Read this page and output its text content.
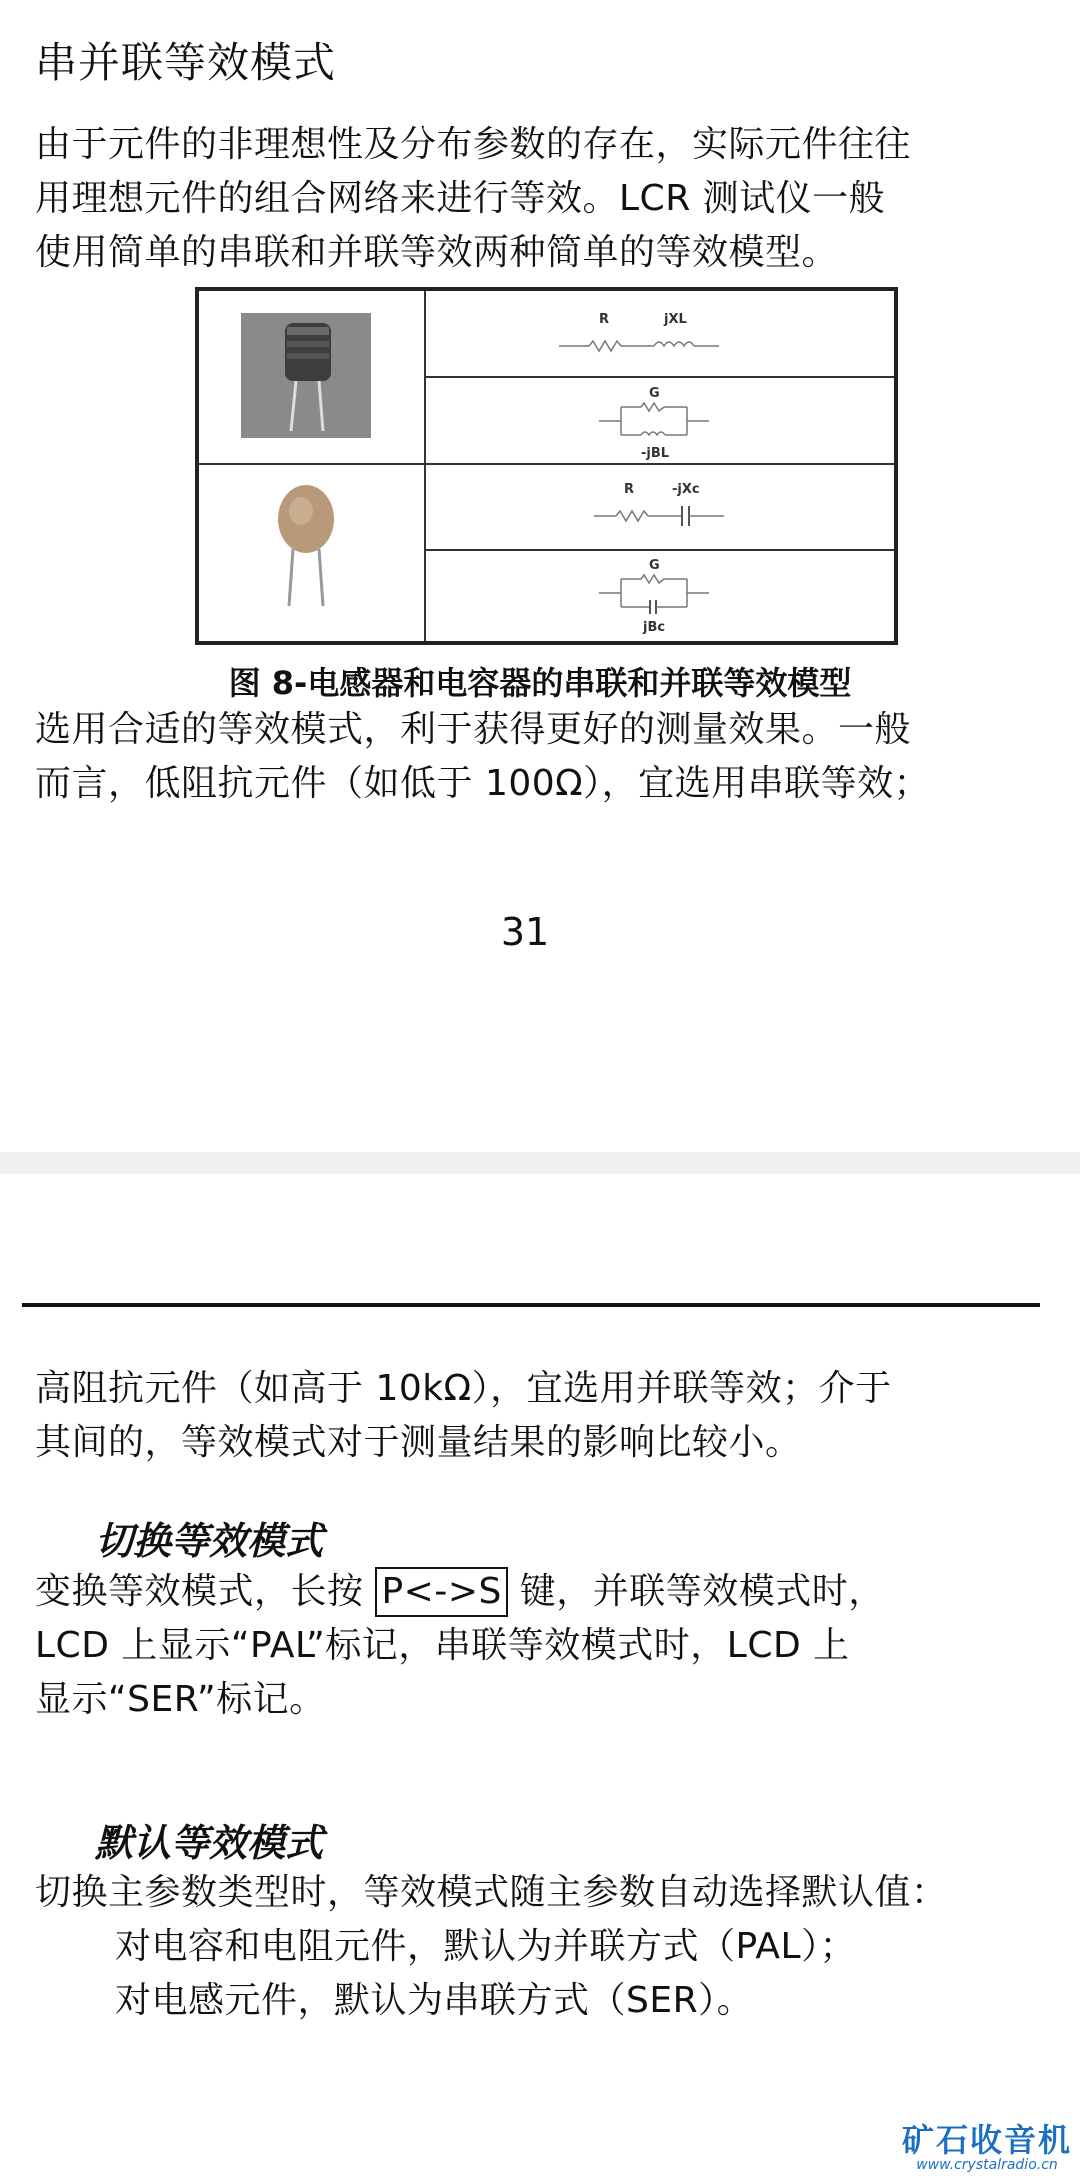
串并联等效模式
由于元件的非理想性及分布参数的存在，实际元件往往
用理想元件的组合网络来进行等效。LCR 测试仪一般
使用简单的串联和并联等效两种简单的等效模型。
R	jXL
G
-jBL
R	-jXc
G
jBc
图 8-电感器和电容器的串联和并联等效模型
选用合适的等效模式，利于获得更好的测量效果。一般
而言，低阻抗元件（如低于 100Ω），宜选用串联等效；
31
高阻抗元件（如高于 10kΩ），宜选用并联等效；介于
其间的，等效模式对于测量结果的影响比较小。
切换等效模式
变换等效模式，长按 P<->S 键，并联等效模式时，
LCD 上显示“PAL”标记，串联等效模式时，LCD 上
显示“SER”标记。
默认等效模式
切换主参数类型时，等效模式随主参数自动选择默认值：
对电容和电阻元件，默认为并联方式（PAL）；
对电感元件，默认为串联方式（SER）。
矿石收音机
www.crystalradio.cn
